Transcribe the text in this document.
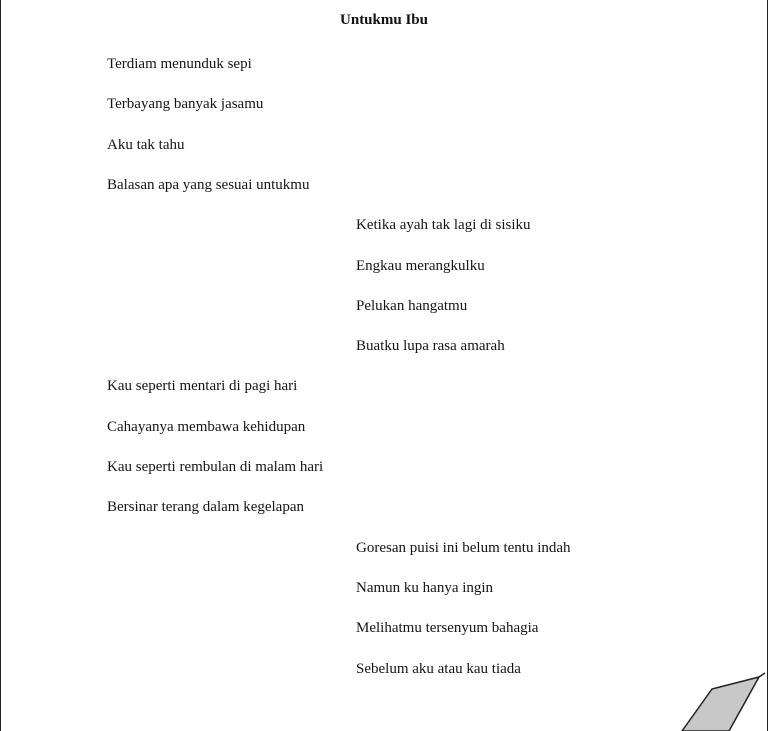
Untukmu Ibu
Terdiam menunduk sepi
Terbayang banyak jasamu
Aku tak tahu
Balasan apa yang sesuai untukmu
Ketika ayah tak lagi di sisiku
Engkau merangkulku
Pelukan hangatmu
Buatku lupa rasa amarah
Kau seperti mentari di pagi hari
Cahayanya membawa kehidupan
Kau seperti rembulan di malam hari
Bersinar terang dalam kegelapan
Goresan puisi ini belum tentu indah
Namun ku hanya ingin
Melihatmu tersenyum bahagia
Sebelum aku atau kau tiada
